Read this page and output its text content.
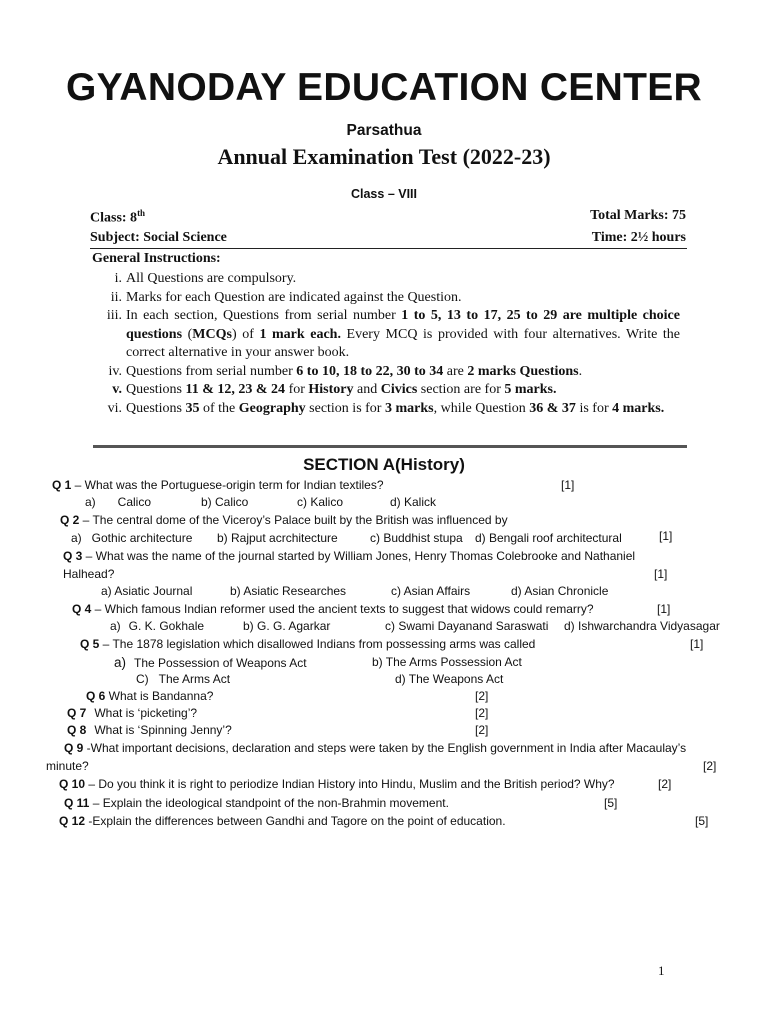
GYANODAY EDUCATION CENTER
Parsathua
Annual Examination Test (2022-23)
Class – VIII
Class: 8th	Total Marks: 75
Subject: Social Science	Time: 2½ hours
General Instructions:
i. All Questions are compulsory.
ii. Marks for each Question are indicated against the Question.
iii. In each section, Questions from serial number 1 to 5, 13 to 17, 25 to 29 are multiple choice questions (MCQs) of 1 mark each. Every MCQ is provided with four alternatives. Write the correct alternative in your answer book.
iv. Questions from serial number 6 to 10, 18 to 22, 30 to 34 are 2 marks Questions.
v. Questions 11 & 12, 23 & 24 for History and Civics section are for 5 marks.
vi. Questions 35 of the Geography section is for 3 marks, while Question 36 & 37 is for 4 marks.
SECTION A(History)
Q 1 – What was the Portuguese-origin term for Indian textiles?	[1]
a) Calico	b) Calico	c) Kalico	d) Kalick
Q 2 – The central dome of the Viceroy’s Palace built by the British was influenced by
a) Gothic architecture b) Rajput acrchitecture	c) Buddhist stupa d) Bengali roof architectural	[1]
Q 3 – What was the name of the journal started by William Jones, Henry Thomas Colebrooke and Nathaniel
Halhead?	[1]
a) Asiatic Journal	b) Asiatic Researches	c) Asian Affairs	d) Asian Chronicle
Q 4 – Which famous Indian reformer used the ancient texts to suggest that widows could remarry?	[1]
a) G. K. Gokhale	b) G. G. Agarkar	c) Swami Dayanand Saraswati d) Ishwarchandra Vidyasagar
Q 5 – The 1878 legislation which disallowed Indians from possessing arms was called	[1]
a) The Possession of Weapons Act	b) The Arms Possession Act
C) The Arms Act	d) The Weapons Act
Q 6 What is Bandanna?	[2]
Q 7 What is ‘picketing’?	[2]
Q 8 What is ‘Spinning Jenny’?	[2]
Q 9 -What important decisions, declaration and steps were taken by the English government in India after Macaulay’s
minute?	[2]
Q 10 – Do you think it is right to periodize Indian History into Hindu, Muslim and the British period? Why?	[2]
Q 11 – Explain the ideological standpoint of the non-Brahmin movement.	[5]
Q 12 -Explain the differences between Gandhi and Tagore on the point of education.	[5]
1
